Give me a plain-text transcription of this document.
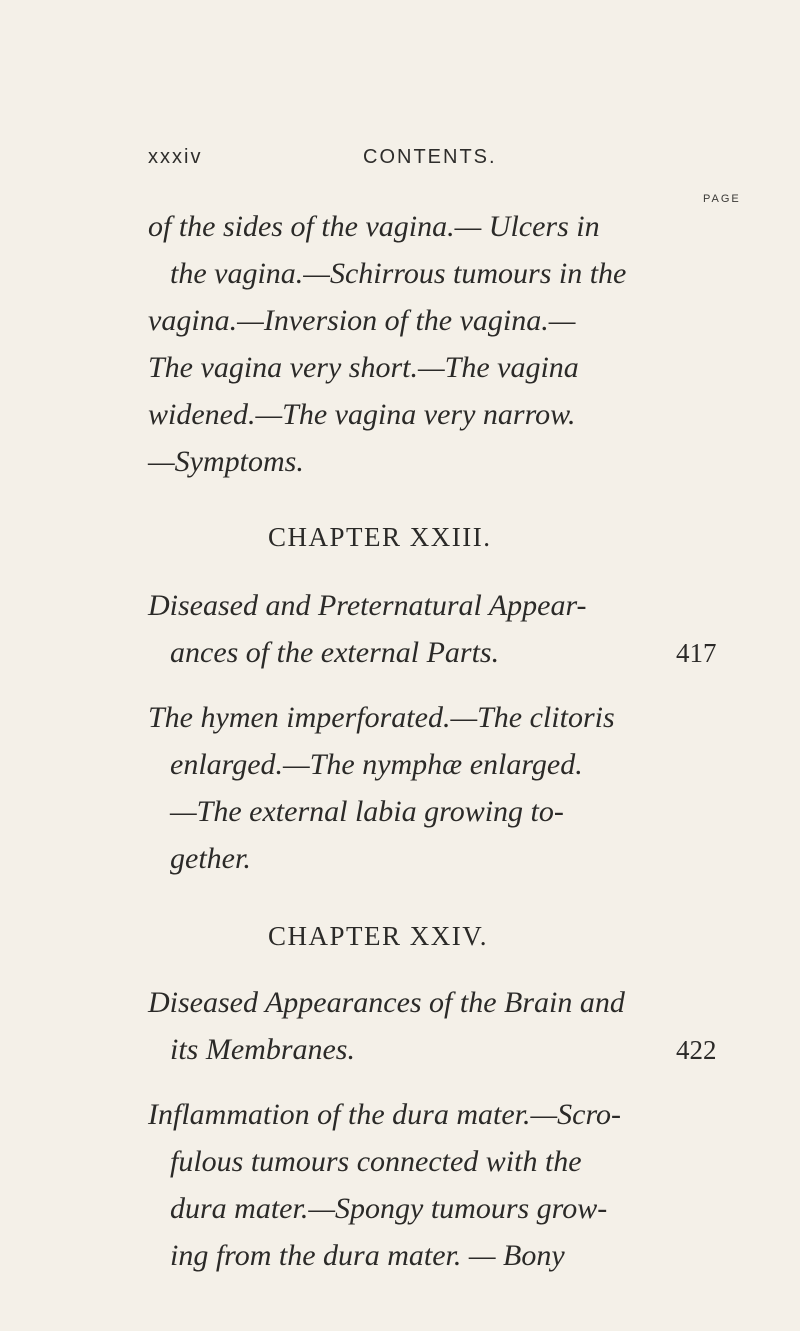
xxxiv	CONTENTS.
PAGE
of the sides of the vagina.— Ulcers in
the vagina.—Schirrous tumours in the
vagina.—Inversion of the vagina.—
The vagina very short.—The vagina
widened.—The vagina very narrow.
—Symptoms.
CHAPTER XXIII.
Diseased and Preternatural Appear-
ances of the external Parts.	417
The hymen imperforated.—The clitoris
enlarged.—The nymphæ enlarged.
—The external labia growing to-
gether.
CHAPTER XXIV.
Diseased Appearances of the Brain and
its Membranes.	422
Inflammation of the dura mater.—Scro-
fulous tumours connected with the
dura mater.—Spongy tumours grow-
ing from the dura mater. — Bony
